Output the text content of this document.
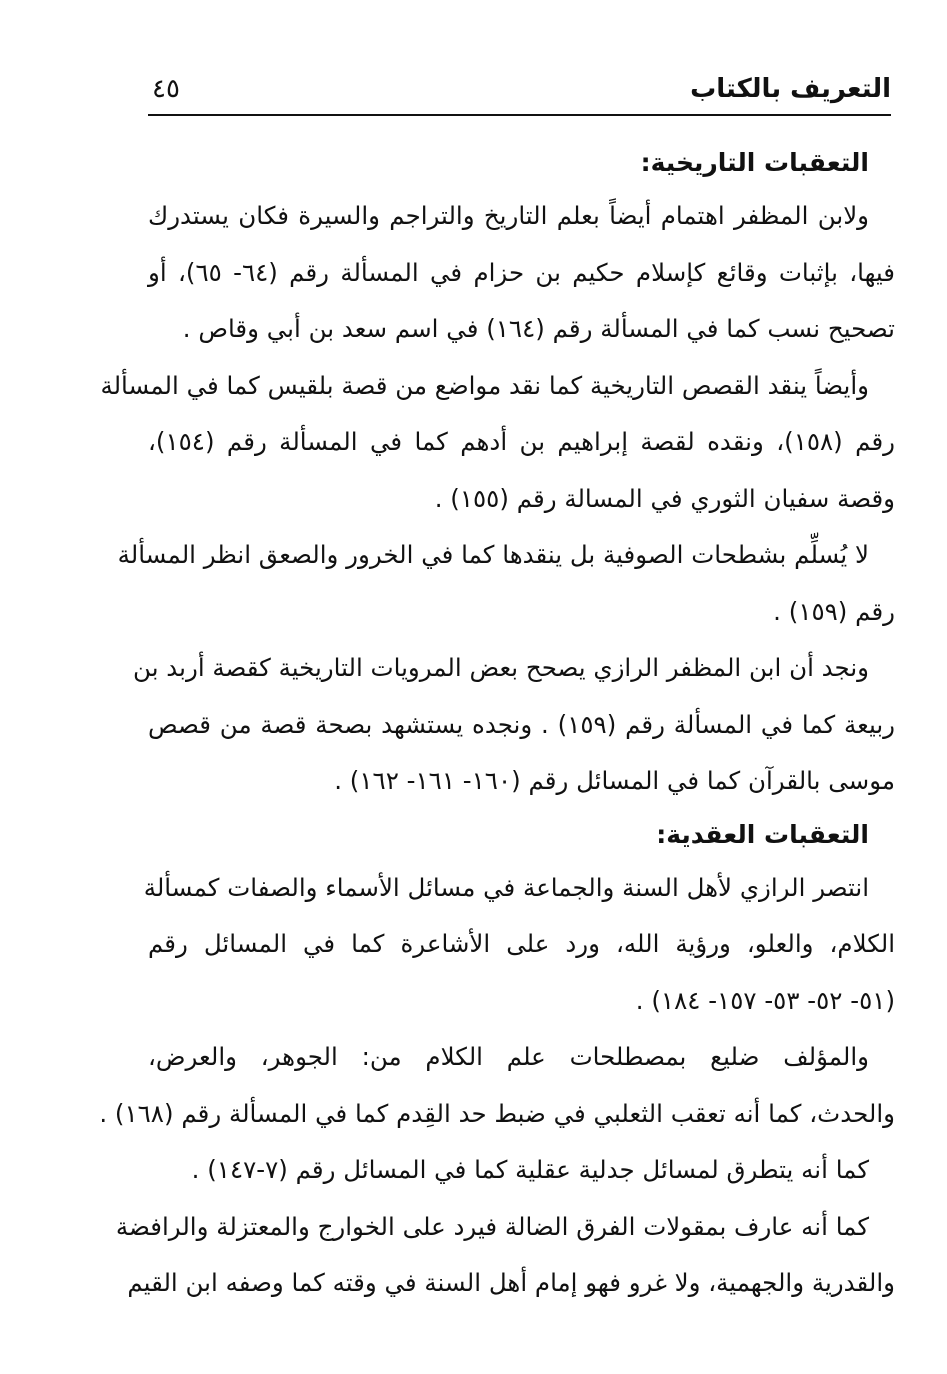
التعريف بالكتاب
٤٥
التعقبات التاريخية:
ولابن المظفر اهتمام أيضاً بعلم التاريخ والتراجم والسيرة فكان يستدرك
فيها، بإثبات وقائع كإسلام حكيم بن حزام في المسألة رقم (٦٤- ٦٥)، أو
تصحيح نسب كما في المسألة رقم (١٦٤) في اسم سعد بن أبي وقاص .
وأيضاً ينقد القصص التاريخية كما نقد مواضع من قصة بلقيس كما في المسألة
رقم (١٥٨)، ونقده لقصة إبراهيم بن أدهم كما في المسألة رقم (١٥٤)،
وقصة سفيان الثوري في المسالة رقم (١٥٥) .
لا يُسلِّم بشطحات الصوفية بل ينقدها كما في الخرور والصعق انظر المسألة
رقم (١٥٩) .
ونجد أن ابن المظفر الرازي يصحح بعض المرويات التاريخية كقصة أربد بن
ربيعة كما في المسألة رقم (١٥٩) . ونجده يستشهد بصحة قصة من قصص
موسى بالقرآن كما في المسائل رقم (١٦٠- ١٦١- ١٦٢) .
التعقبات العقدية:
انتصر الرازي لأهل السنة والجماعة في مسائل الأسماء والصفات كمسألة
الكلام، والعلو، ورؤية الله، ورد على الأشاعرة كما في المسائل رقم
(٥١- ٥٢- ٥٣- ١٥٧- ١٨٤) .
والمؤلف ضليع بمصطلحات علم الكلام من: الجوهر، والعرض،
والحدث، كما أنه تعقب الثعلبي في ضبط حد القِدم كما في المسألة رقم (١٦٨) .
كما أنه يتطرق لمسائل جدلية عقلية كما في المسائل رقم (٧-١٤٧) .
كما أنه عارف بمقولات الفرق الضالة فيرد على الخوارج والمعتزلة والرافضة
والقدرية والجهمية، ولا غرو فهو إمام أهل السنة في وقته كما وصفه ابن القيم
